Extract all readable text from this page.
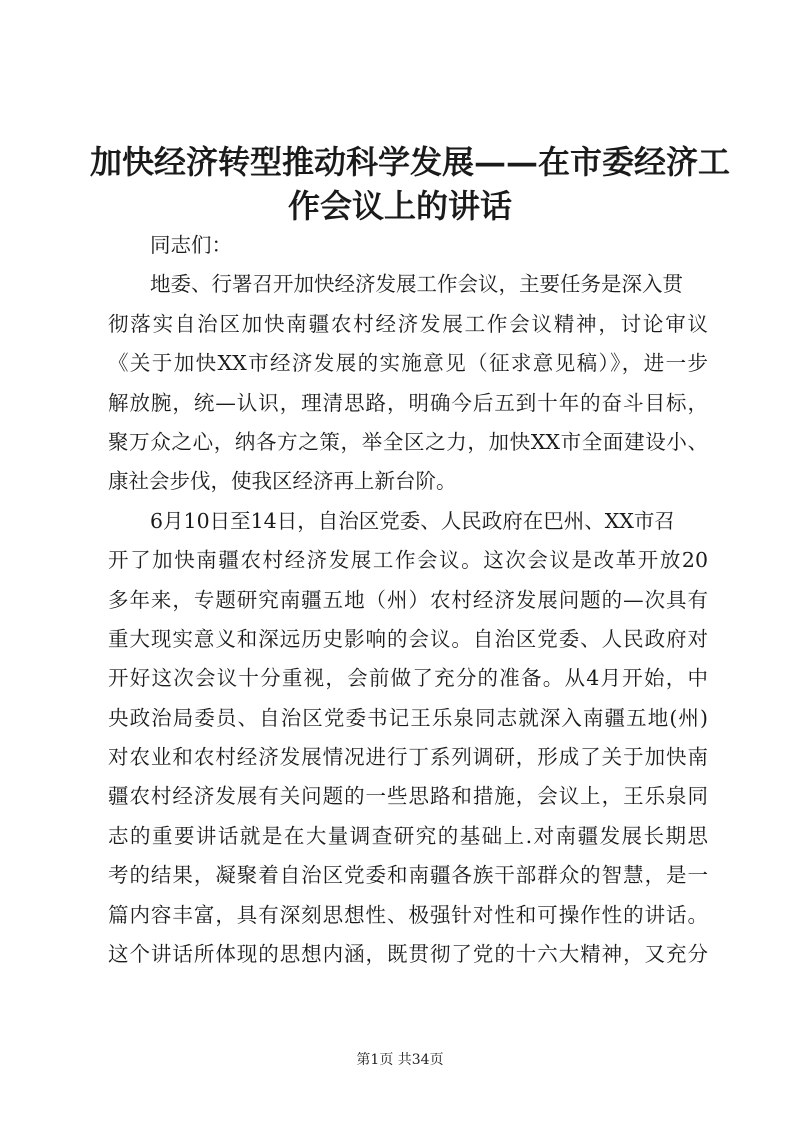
加快经济转型推动科学发展——在市委经济工
作会议上的讲话
同志们：
地委、行署召开加快经济发展工作会议，主要任务是深入贯
彻落实自治区加快南疆农村经济发展工作会议精神，讨论审议
《关于加快XX市经济发展的实施意见（征求意见稿）》，进一步
解放腕，统—认识，理清思路，明确今后五到十年的奋斗目标，
聚万众之心，纳各方之策，举全区之力，加快XX市全面建设小、
康社会步伐，使我区经济再上新台阶。
6月10日至14日，自治区党委、人民政府在巴州、XX市召
开了加快南疆农村经济发展工作会议。这次会议是改革开放20
多年来，专题研究南疆五地（州）农村经济发展问题的—次具有
重大现实意义和深远历史影响的会议。自治区党委、人民政府对
开好这次会议十分重视，会前做了充分的准备。从4月开始，中
央政治局委员、自治区党委书记王乐泉同志就深入南疆五地(州)
对农业和农村经济发展情况进行丁系列调研，形成了关于加快南
疆农村经济发展有关问题的一些思路和措施，会议上，王乐泉同
志的重要讲话就是在大量调查研究的基础上.对南疆发展长期思
考的结果，凝聚着自治区党委和南疆各族干部群众的智慧，是一
篇内容丰富，具有深刻思想性、极强针对性和可操作性的讲话。
这个讲话所体现的思想内涵，既贯彻了党的十六大精神，又充分
第1页 共34页
